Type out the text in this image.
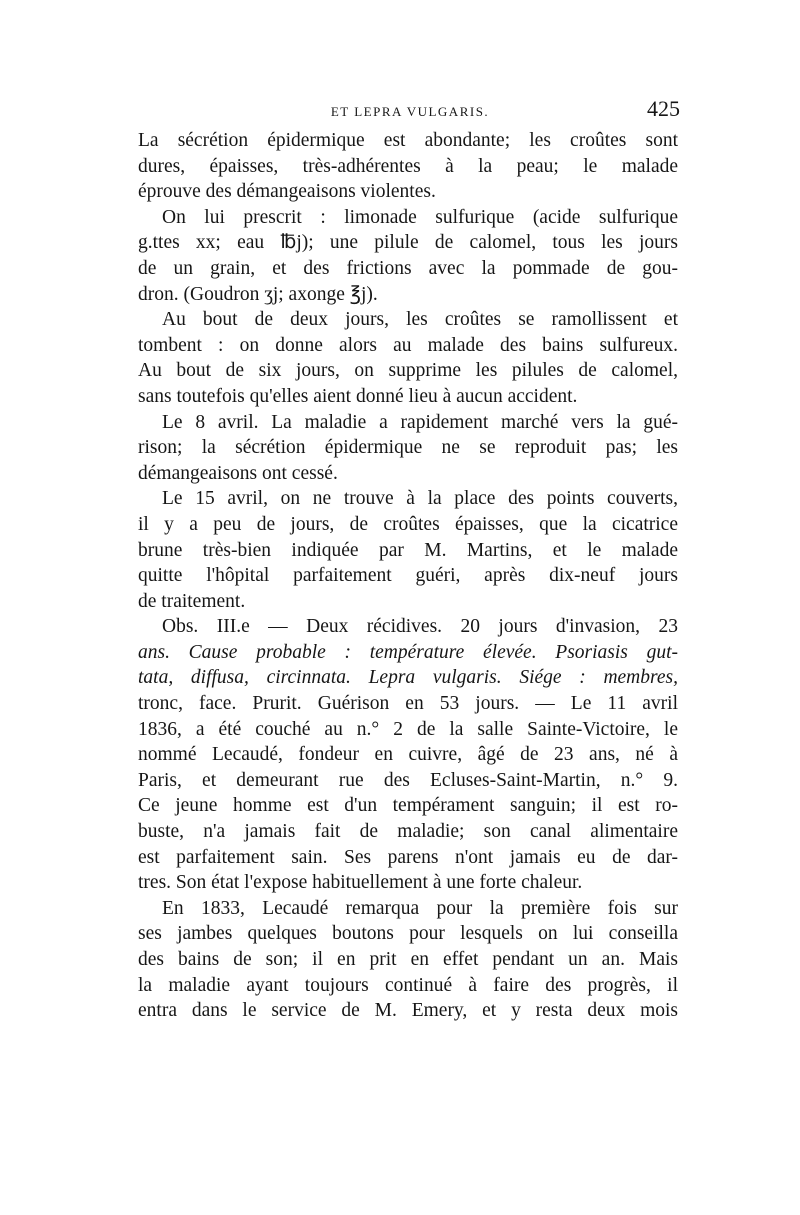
ET LEPRA VULGARIS.	425
La sécrétion épidermique est abondante; les croûtes sont
dures, épaisses, très-adhérentes à la peau; le malade
éprouve des démangeaisons violentes.
On lui prescrit : limonade sulfurique (acide sulfurique
g.ttes xx; eau ℔j); une pilule de calomel, tous les jours
de un grain, et des frictions avec la pommade de gou-
dron. (Goudron ʒj; axonge ℥j).
Au bout de deux jours, les croûtes se ramollissent et
tombent : on donne alors au malade des bains sulfureux.
Au bout de six jours, on supprime les pilules de calomel,
sans toutefois qu'elles aient donné lieu à aucun accident.
Le 8 avril. La maladie a rapidement marché vers la gué-
rison; la sécrétion épidermique ne se reproduit pas; les
démangeaisons ont cessé.
Le 15 avril, on ne trouve à la place des points couverts,
il y a peu de jours, de croûtes épaisses, que la cicatrice
brune très-bien indiquée par M. Martins, et le malade
quitte l'hôpital parfaitement guéri, après dix-neuf jours
de traitement.
Obs. III.e — Deux récidives. 20 jours d'invasion, 23
ans. Cause probable : température élevée. Psoriasis gut-
tata, diffusa, circinnata. Lepra vulgaris. Siége : membres,
tronc, face. Prurit. Guérison en 53 jours. — Le 11 avril
1836, a été couché au n.° 2 de la salle Sainte-Victoire, le
nommé Lecaudé, fondeur en cuivre, âgé de 23 ans, né à
Paris, et demeurant rue des Ecluses-Saint-Martin, n.° 9.
Ce jeune homme est d'un tempérament sanguin; il est ro-
buste, n'a jamais fait de maladie; son canal alimentaire
est parfaitement sain. Ses parens n'ont jamais eu de dar-
tres. Son état l'expose habituellement à une forte chaleur.
En 1833, Lecaudé remarqua pour la première fois sur
ses jambes quelques boutons pour lesquels on lui conseilla
des bains de son; il en prit en effet pendant un an. Mais
la maladie ayant toujours continué à faire des progrès, il
entra dans le service de M. Emery, et y resta deux mois
